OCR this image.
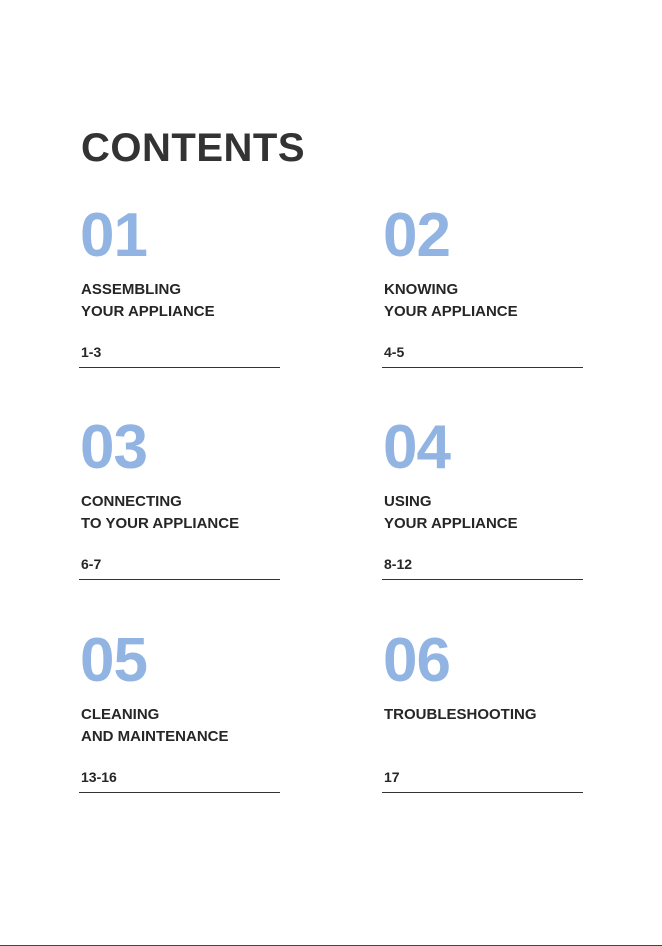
CONTENTS
01
ASSEMBLING
YOUR APPLIANCE
1-3
02
KNOWING
YOUR APPLIANCE
4-5
03
CONNECTING
TO YOUR APPLIANCE
6-7
04
USING
YOUR APPLIANCE
8-12
05
CLEANING
AND MAINTENANCE
13-16
06
TROUBLESHOOTING
17
